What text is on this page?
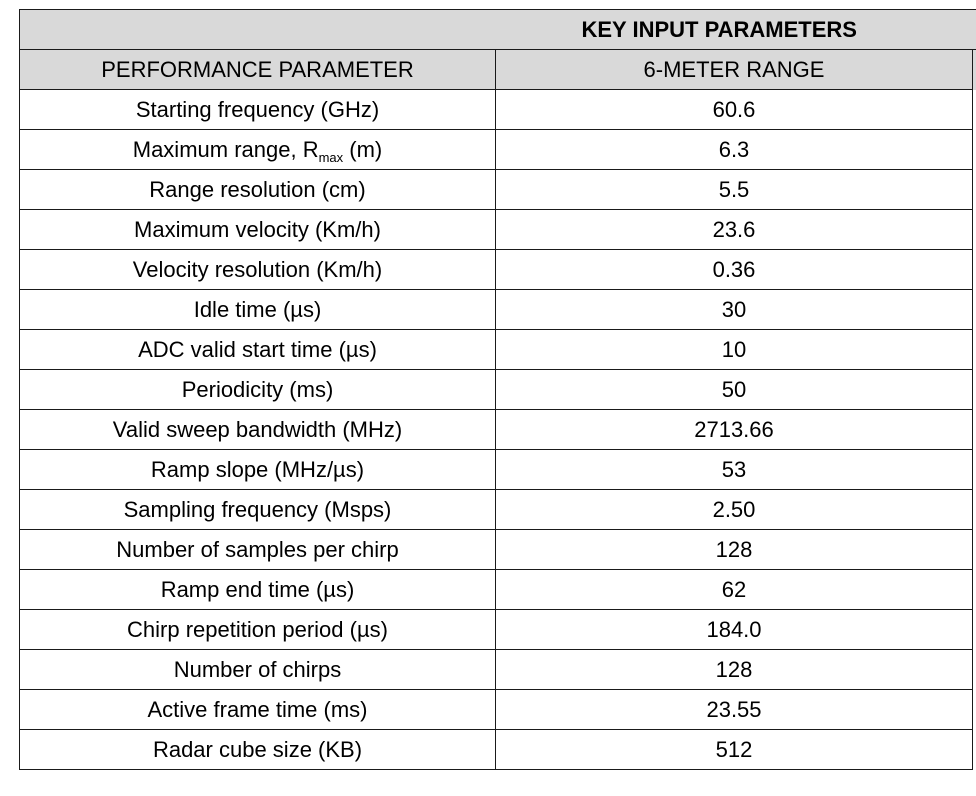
	KEY INPUT PARAMETERS	
PERFORMANCE PARAMETER	6-METER RANGE	
Starting frequency (GHz)	60.6	
Maximum range, $R_{max}$ (m)	6.3	
Range resolution (cm)	5.5	
Maximum velocity (Km/h)	23.6	
Velocity resolution (Km/h)	0.36	
Idle time (µs)	30	
ADC valid start time (µs)	10	
Periodicity (ms)	50	
Valid sweep bandwidth (MHz)	2713.66	
Ramp slope (MHz/µs)	53	
Sampling frequency (Msps)	2.50	
Number of samples per chirp	128	
Ramp end time (µs)	62	
Chirp repetition period (µs)	184.0	
Number of chirps	128	
Active frame time (ms)	23.55	
Radar cube size (KB)	512	
